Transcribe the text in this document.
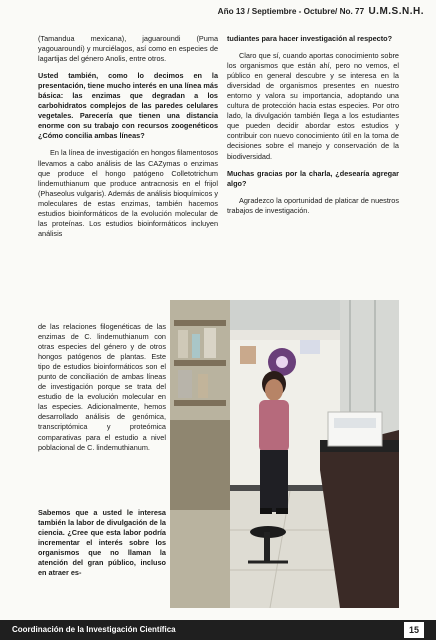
Año 13 / Septiembre - Octubre/ No. 77 U.M.S.N.H.

(Tamandua mexicana), jaguaroundi (Puma yagouaroundi) y murciélagos, así como en especies de lagartijas del género Anolis, entre otros.

Usted también, como lo decimos en la presentación, tiene mucho interés en una línea más básica: las enzimas que degradan a los carbohidratos complejos de las paredes celulares vegetales. Parecería que tienen una distancia enorme con su trabajo con recursos zoogenéticos ¿Cómo concilia ambas líneas?

En la línea de investigación en hongos filamentosos llevamos a cabo análisis de las CAZymas o enzimas que produce el hongo patógeno Colletotrichum lindemuthianum que produce antracnosis en el frijol (Phaseolus vulgaris). Además de análisis bioquímicos y moleculares de estas enzimas, también hacemos estudios bioinformáticos de la evolución molecular de las proteínas. Los estudios bioinformáticos incluyen análisis

de las relaciones filogenéticas de las enzimas de C. lindemuthianum con otras especies del género y de otros hongos patógenos de plantas. Este tipo de estudios bioinformáticos son el punto de conciliación de ambas líneas de investigación porque se trata del estudio de la evolución molecular en las especies. Adicionalmente, hemos desarrollado análisis de genómica, transcriptómica y proteómica comparativas para el estudio a nivel poblacional de C. lindemuthianum.

Sabemos que a usted le interesa también la labor de divulgación de la ciencia. ¿Cree que esta labor podría incrementar el interés sobre los organismos que no llaman la atención del gran público, incluso en atraer es-

tudiantes para hacer investigación al respecto?

Claro que sí, cuando aportas conocimiento sobre los organismos que están ahí, pero no vemos, el público en general descubre y se interesa en la diversidad de organismos presentes en nuestro entorno y valora su importancia, adoptando una cultura de protección hacia estas especies. Por otro lado, la divulgación también llega a los estudiantes que pueden decidir abordar estos estudios y contribuir con nuevo conocimiento útil en la toma de decisiones sobre el manejo y conservación de la biodiversidad.

Muchas gracias por la charla, ¿desearía agregar algo?

Agradezco la oportunidad de platicar de nuestros trabajos de investigación.

Coordinación de la Investigación Científica	15
